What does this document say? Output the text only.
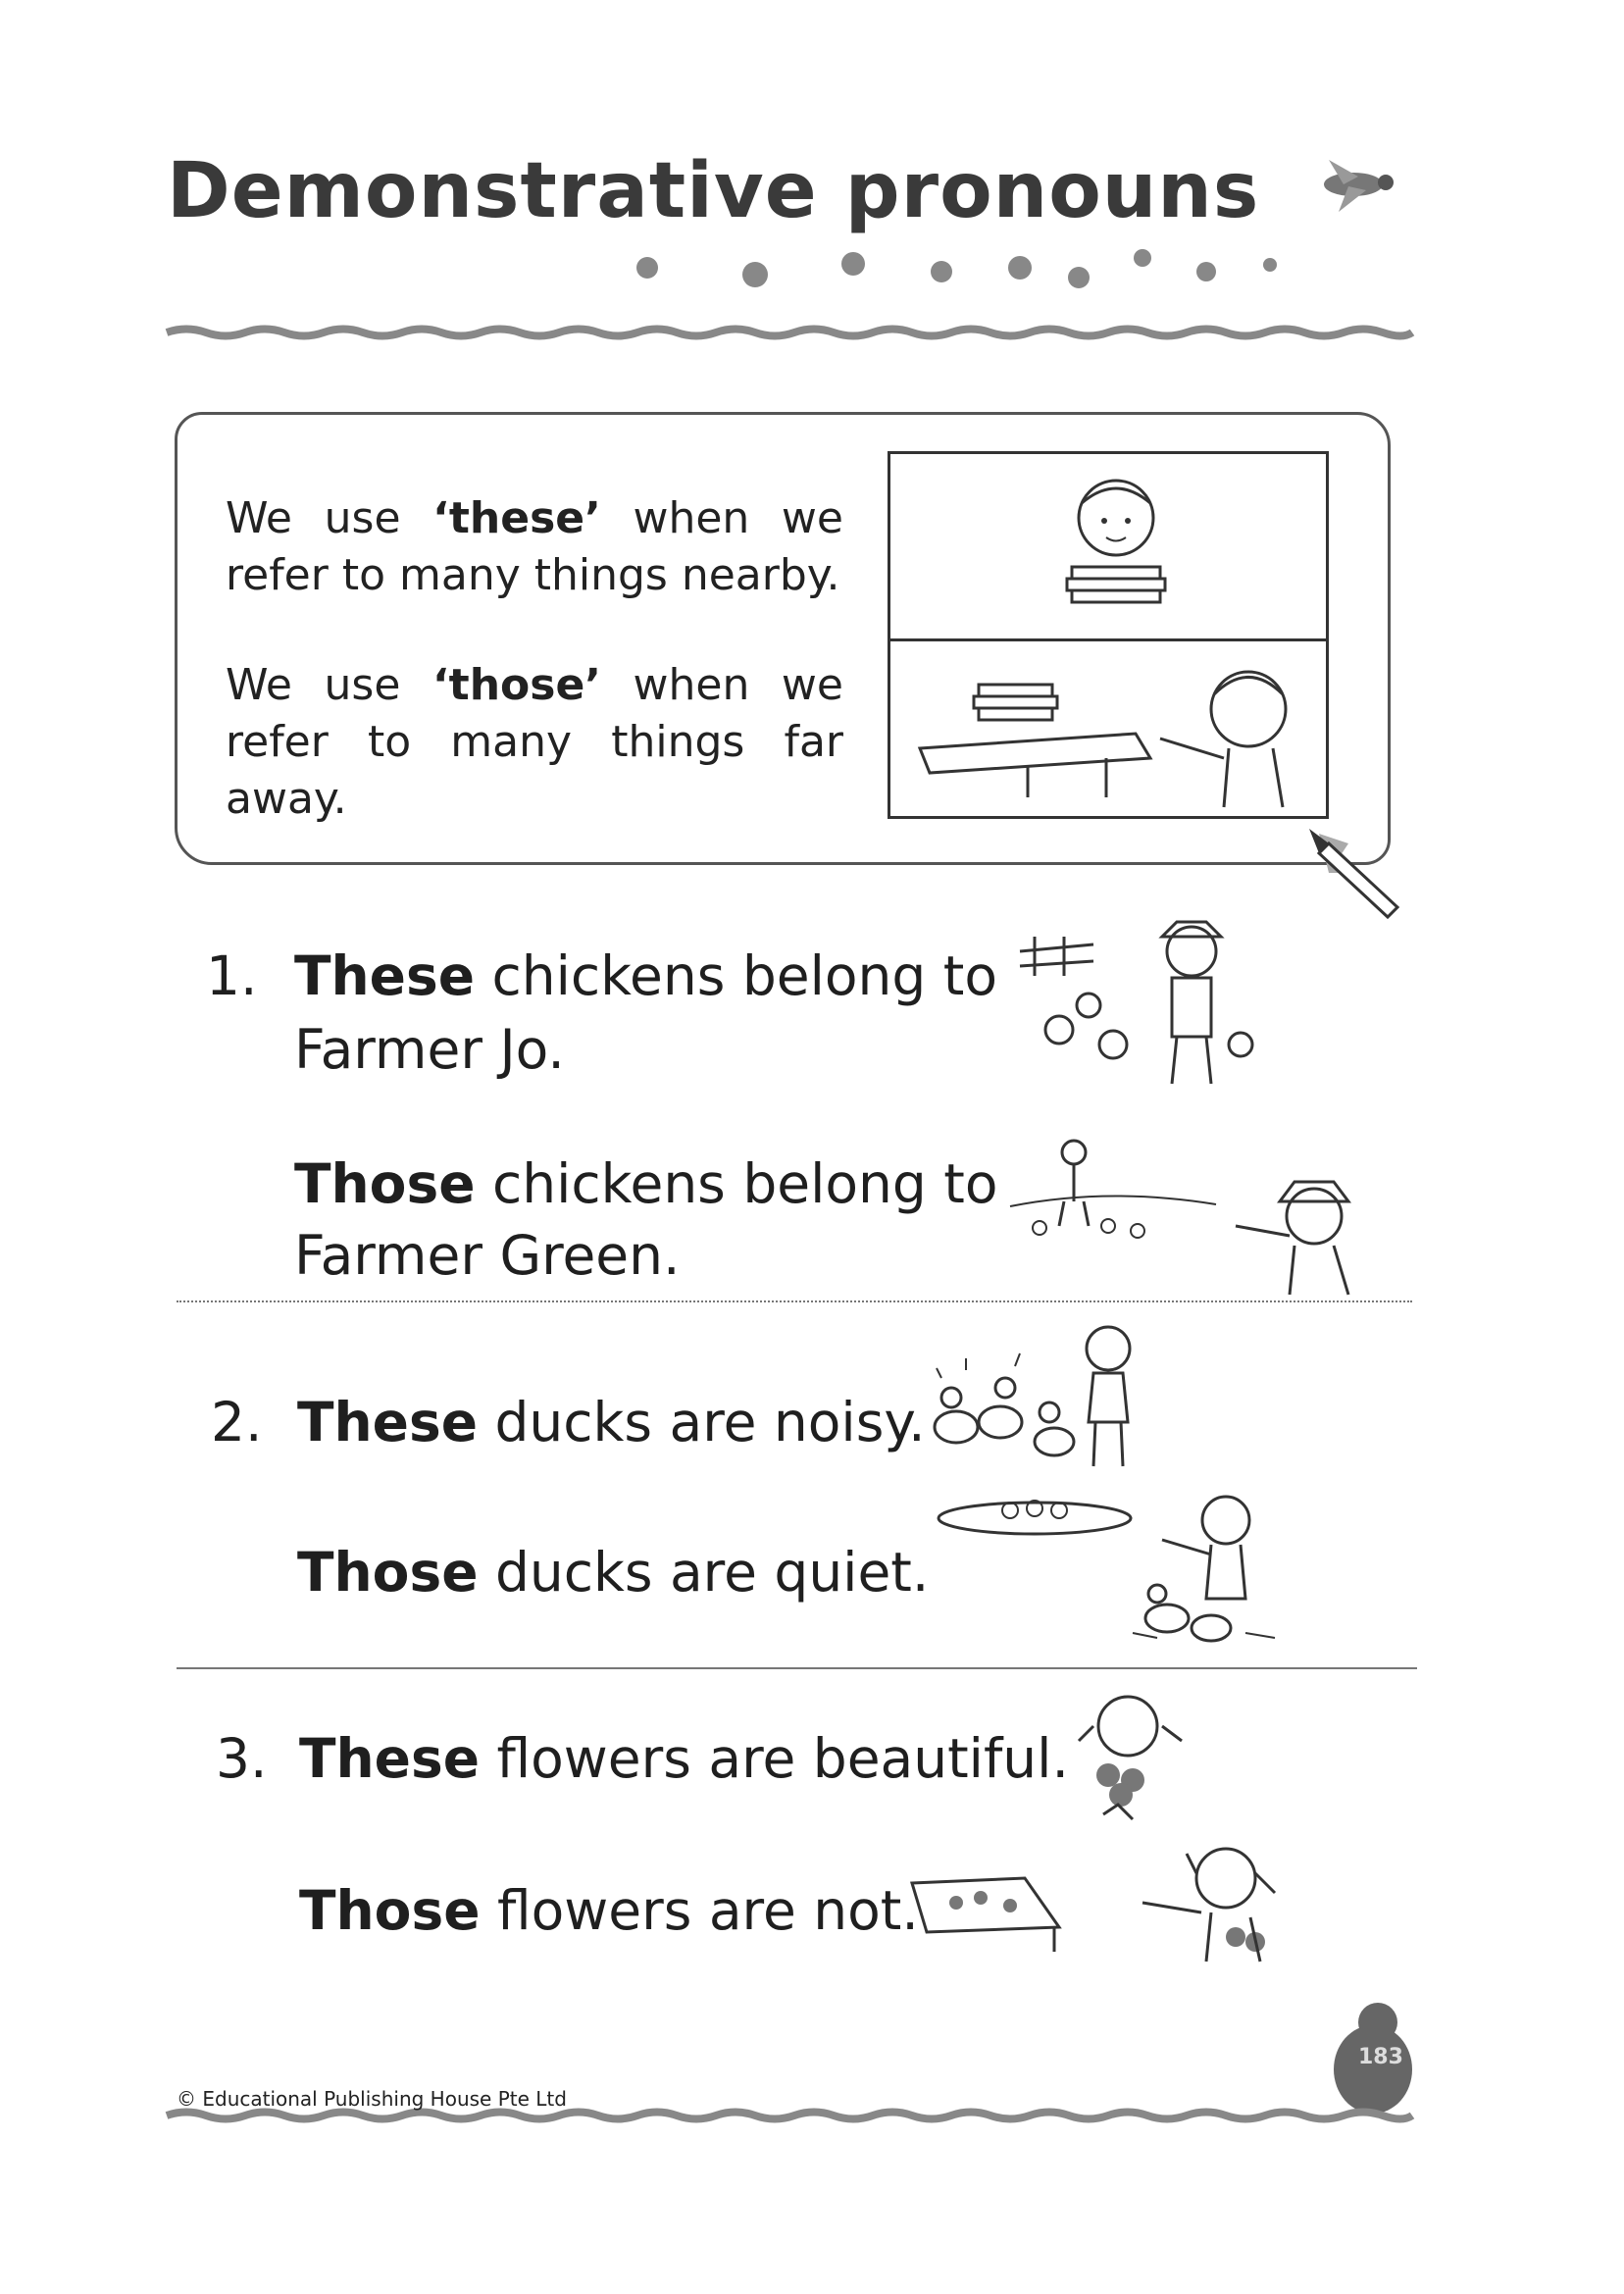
Demonstrative pronouns
We use ‘these’ when we refer to many things nearby.
We use ‘those’ when we refer to many things far away.
1. These chickens belong to
Farmer Jo.
Those chickens belong to
Farmer Green.
2. These ducks are noisy.
Those ducks are quiet.
3. These flowers are beautiful.
Those flowers are not.
183
© Educational Publishing House Pte Ltd
